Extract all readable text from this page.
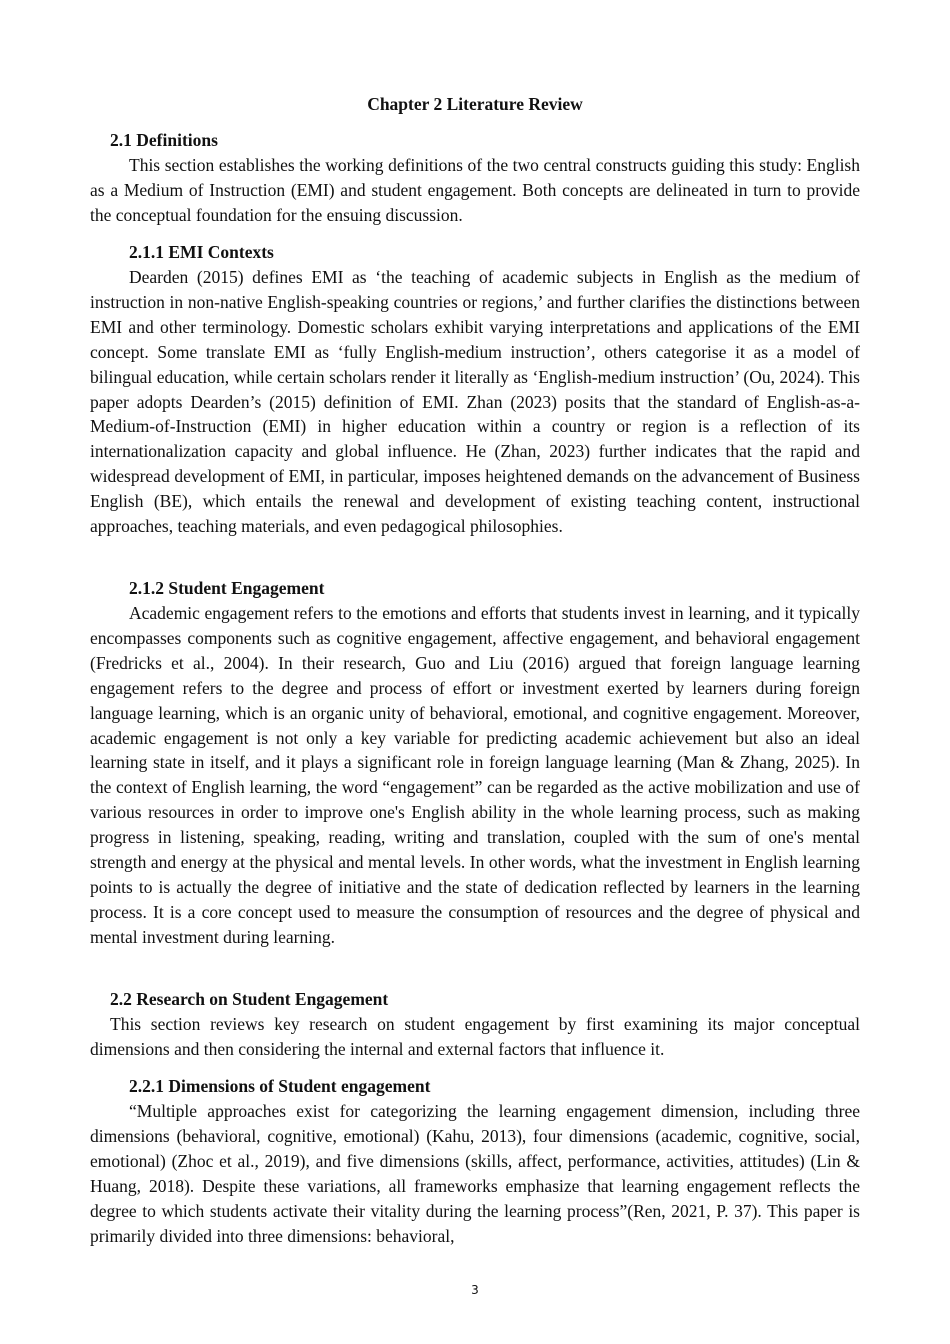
Chapter 2 Literature Review
2.1 Definitions

This section establishes the working definitions of the two central constructs guiding this study: English as a Medium of Instruction (EMI) and student engagement. Both concepts are delineated in turn to provide the conceptual foundation for the ensuing discussion.

2.1.1 EMI Contexts

Dearden (2015) defines EMI as ‘the teaching of academic subjects in English as the medium of instruction in non-native English-speaking countries or regions,’ and further clarifies the distinctions between EMI and other terminology. Domestic scholars exhibit varying interpretations and applications of the EMI concept. Some translate EMI as ‘fully English-medium instruction’, others categorise it as a model of bilingual education, while certain scholars render it literally as ‘English-medium instruction’ (Ou, 2024). This paper adopts Dearden’s (2015) definition of EMI. Zhan (2023) posits that the standard of English-as-a-Medium-of-Instruction (EMI) in higher education within a country or region is a reflection of its internationalization capacity and global influence. He (Zhan, 2023) further indicates that the rapid and widespread development of EMI, in particular, imposes heightened demands on the advancement of Business English (BE), which entails the renewal and development of existing teaching content, instructional approaches, teaching materials, and even pedagogical philosophies.

2.1.2 Student Engagement

Academic engagement refers to the emotions and efforts that students invest in learning, and it typically encompasses components such as cognitive engagement, affective engagement, and behavioral engagement (Fredricks et al., 2004). In their research, Guo and Liu (2016) argued that foreign language learning engagement refers to the degree and process of effort or investment exerted by learners during foreign language learning, which is an organic unity of behavioral, emotional, and cognitive engagement. Moreover, academic engagement is not only a key variable for predicting academic achievement but also an ideal learning state in itself, and it plays a significant role in foreign language learning (Man & Zhang, 2025). In the context of English learning, the word “engagement” can be regarded as the active mobilization and use of various resources in order to improve one's English ability in the whole learning process, such as making progress in listening, speaking, reading, writing and translation, coupled with the sum of one's mental strength and energy at the physical and mental levels. In other words, what the investment in English learning points to is actually the degree of initiative and the state of dedication reflected by learners in the learning process. It is a core concept used to measure the consumption of resources and the degree of physical and mental investment during learning.

2.2 Research on Student Engagement

This section reviews key research on student engagement by first examining its major conceptual dimensions and then considering the internal and external factors that influence it.

2.2.1 Dimensions of Student engagement

“Multiple approaches exist for categorizing the learning engagement dimension, including three dimensions (behavioral, cognitive, emotional) (Kahu, 2013), four dimensions (academic, cognitive, social, emotional) (Zhoc et al., 2019), and five dimensions (skills, affect, performance, activities, attitudes) (Lin & Huang, 2018). Despite these variations, all frameworks emphasize that learning engagement reflects the degree to which students activate their vitality during the learning process”(Ren, 2021, P. 37). This paper is primarily divided into three dimensions: behavioral,

3
